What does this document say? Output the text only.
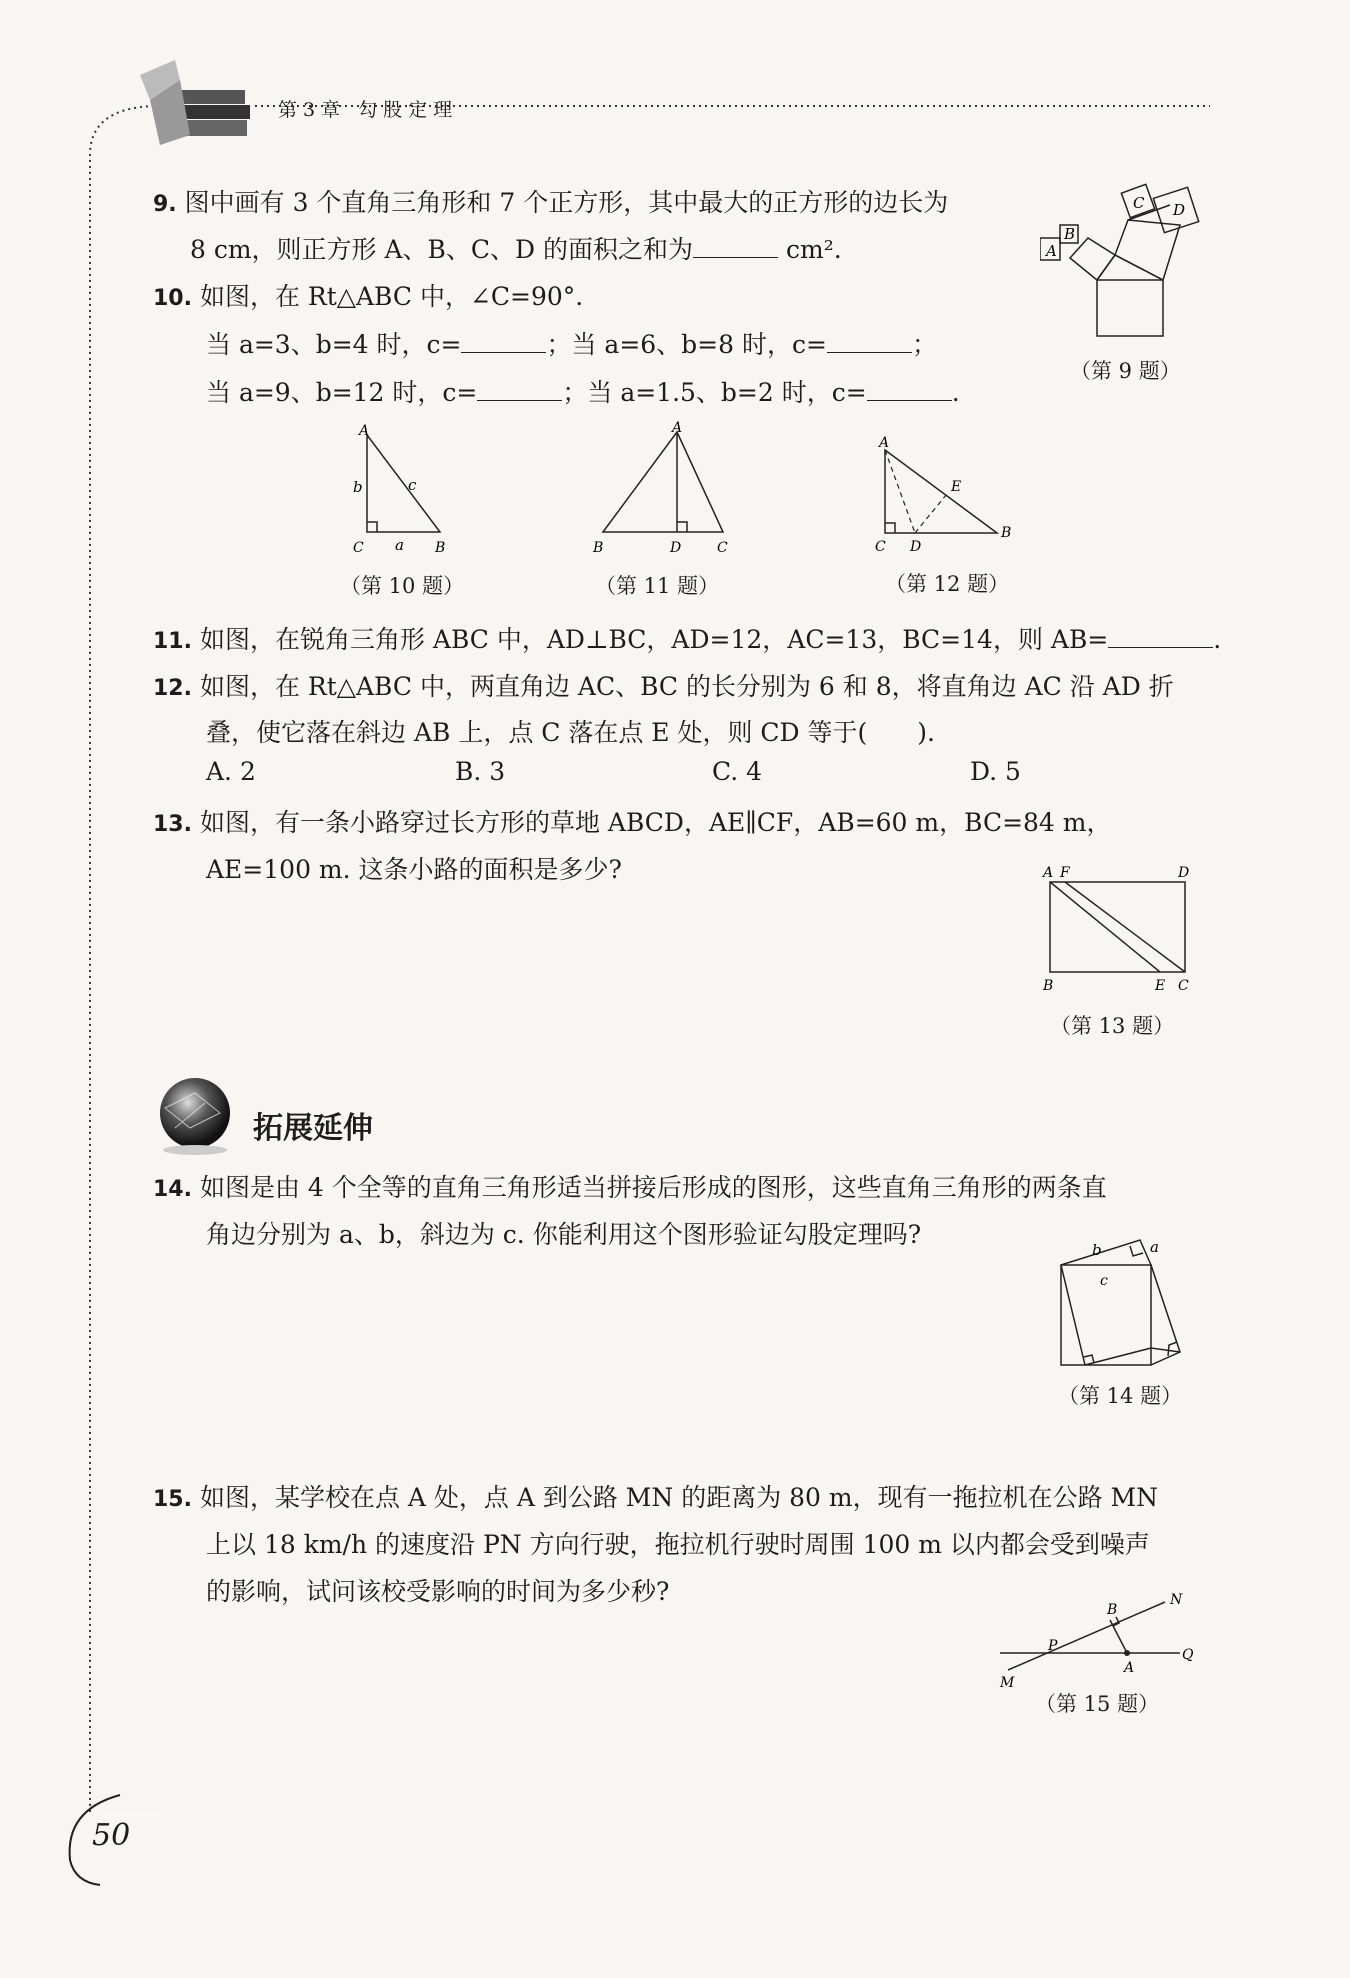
第3章 勾股定理
50
9. 图中画有 3 个直角三角形和 7 个正方形，其中最大的正方形的边长为
8 cm，则正方形 A、B、C、D 的面积之和为	cm².	A
B
C D
（第 9 题）
10. 如图，在 Rt△ABC 中，∠C=90°.
当 a=3、b=4 时，c=	；当 a=6、b=8 时，c=	；
当 a=9、b=12 时，c=	；当 a=1.5、b=2 时，c=	.
A
b	c
C a B
（第 10 题）
A
B	D	C
（第 11 题）
A
E
C D
B
（第 12 题）
11. 如图，在锐角三角形 ABC 中，AD⊥BC，AD=12，AC=13，BC=14，则 AB=	.
12. 如图，在 Rt△ABC 中，两直角边 AC、BC 的长分别为 6 和 8，将直角边 AC 沿 AD 折
叠，使它落在斜边 AB 上，点 C 落在点 E 处，则 CD 等于(　　).
A. 2	B. 3	C. 4	D. 5
13. 如图，有一条小路穿过长方形的草地 ABCD，AE∥CF，AB=60 m，BC=84 m，
AE=100 m. 这条小路的面积是多少?	A F	D
B	E C
（第 13 题）
拓展延伸
14. 如图是由 4 个全等的直角三角形适当拼接后形成的图形，这些直角三角形的两条直
角边分别为 a、b，斜边为 c. 你能利用这个图形验证勾股定理吗?
b	a
c
（第 14 题）
15. 如图，某学校在点 A 处，点 A 到公路 MN 的距离为 80 m，现有一拖拉机在公路 MN
上以 18 km/h 的速度沿 PN 方向行驶，拖拉机行驶时周围 100 m 以内都会受到噪声
的影响，试问该校受影响的时间为多少秒?	N
B
P
Q
A
M
（第 15 题）
